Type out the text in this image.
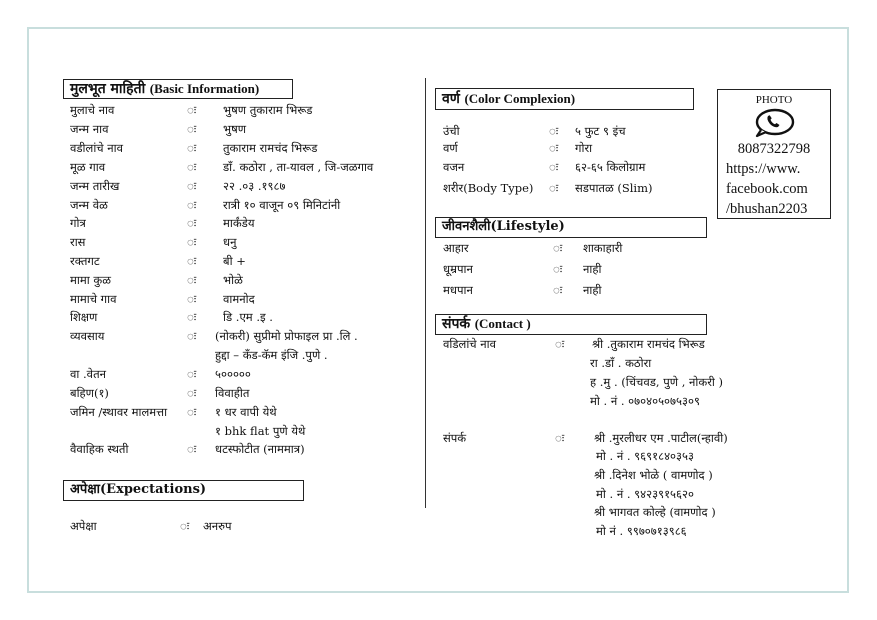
मुलभूत माहिती (Basic Information)
मुलाचे नाव	ः भुषण तुकाराम भिरूड
जन्म नाव	ः भुषण
वडीलांचे नाव	ः तुकाराम रामचंद भिरूड
मूळ गाव	ः डॉं. कठोरा , ता-यावल , जि-जळगाव
जन्म तारीख	ः २२ .०३ .१९८७
जन्म वेळ	ः रात्री १० वाजून ०९ मिनिटांनी
गोत्र	ः मार्कंडेय
रास	ः धनु
रक्तगट	ः बी +
मामा कुळ	ः भोळे
मामाचे गाव	ः वामनोद
शिक्षण	ः डि .एम .इ .
व्यवसाय	ः (नोकरी) सुप्रीमो प्रोफाइल प्रा .लि .
हुद्दा – कँड-कॅम इंजि .पुणे .
वा .वेतन	ः ५०००००
बहिण(१)	ः विवाहीत
जमिन /स्थावर मालमत्ता ः १ धर वापी येथे
१ bhk flat पुणे येथे
वैवाहिक स्थती	ः धटस्फोटीत (नाममात्र)
अपेक्षा(Expectations)
अपेक्षा	ः अनरुप
वर्ण (Color Complexion)
उंची	ः ५ फुट ९ इंच
वर्ण	ः गोरा
वजन	ः ६२-६५ किलोग्राम
शरीर(Body Type) ः सडपातळ (Slim)
जीवनशैली(Lifestyle)
आहार	ः शाकाहारी
धूम्रपान	ः नाही
मधपान	ः नाही
संपर्क (Contact )
वडिलांचे नाव	ः श्री .तुकाराम रामचंद भिरूड
रा .डॉं . कठोरा
ह .मु . (चिंचवड, पुणे , नोकरी )
मो . नं . ०७०४०५०७५३०९
संपर्क	ः	श्री .मुरलीधर एम .पाटील(न्हावी)
मो . नं . ९६९१८४०३५३
श्री .दिनेश भोळे ( वामणोद )
मो . नं . ९४२३९१५६२०
श्री भागवत कोल्हे (वामणोद )
मो नं . ९९७०७१३९८६
PHOTO
8087322798
https://www.
facebook.com
/bhushan2203
